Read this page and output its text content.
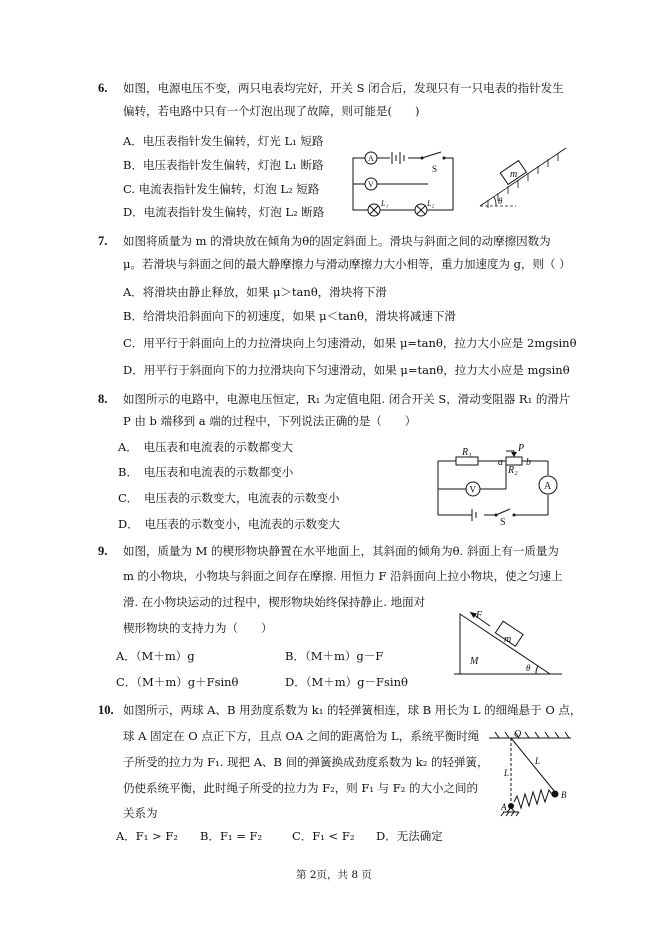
6. 如图，电源电压不变，两只电表均完好，开关 S 闭合后，发现只有一只电表的指针发生
偏转，若电路中只有一个灯泡出现了故障，则可能是(　　)
A．电压表指针发生偏转，灯光 L₁ 短路
B．电压表指针发生偏转，灯泡 L₁ 断路
C. 电流表指针发生偏转，灯泡 L₂ 短路
D．电流表指针发生偏转，灯泡 L₂ 断路
A
V
S
L₁	L₂
m
θ
7. 如图将质量为 m 的滑块放在倾角为θ的固定斜面上。滑块与斜面之间的动摩擦因数为
μ。若滑块与斜面之间的最大静摩擦力与滑动摩擦力大小相等，重力加速度为 g，则（ ）
A．将滑块由静止释放，如果 μ＞tanθ，滑块将下滑
B．给滑块沿斜面向下的初速度，如果 μ＜tanθ，滑块将减速下滑
C．用平行于斜面向上的力拉滑块向上匀速滑动，如果 μ=tanθ，拉力大小应是 2mgsinθ
D．用平行于斜面向下的力拉滑块向下匀速滑动，如果 μ=tanθ，拉力大小应是 mgsinθ
8. 如图所示的电路中，电源电压恒定，R₁ 为定值电阻. 闭合开关 S，滑动变阻器 R₁ 的滑片
P 由 b 端移到 a 端的过程中，下列说法正确的是（　　）
A．　电压表和电流表的示数都变大
B．　电压表和电流表的示数都变小
C．　电压表的示数变大，电流表的示数变小
D．　电压表的示数变小，电流表的示数变大
V	A
R₁
R₂
P
a b
S
9. 如图，质量为 M 的楔形物块静置在水平地面上，其斜面的倾角为θ. 斜面上有一质量为
m 的小物块，小物块与斜面之间存在摩擦. 用恒力 F 沿斜面向上拉小物块，使之匀速上
滑. 在小物块运动的过程中，楔形物块始终保持静止. 地面对
楔形物块的支持力为（　　）
A．（M＋m）g	B．（M＋m）g－F
C．（M＋m）g＋Fsinθ	D．（M＋m）g－Fsinθ
m
F
M
θ
10. 如图所示，两球 A、B 用劲度系数为 k₁ 的轻弹簧相连，球 B 用长为 L 的细绳悬于 O 点，
球 A 固定在 O 点正下方，且点 OA 之间的距离恰为 L，系统平衡时绳
子所受的拉力为 F₁. 现把 A、B 间的弹簧换成劲度系数为 k₂ 的轻弹簧，
仍使系统平衡，此时绳子所受的拉力为 F₂，则 F₁ 与 F₂ 的大小之间的
关系为
A．F₁ > F₂ B．F₁ = F₂	C．F₁ < F₂ D．无法确定
O
L
L
A
B
第 2页，共 8 页
